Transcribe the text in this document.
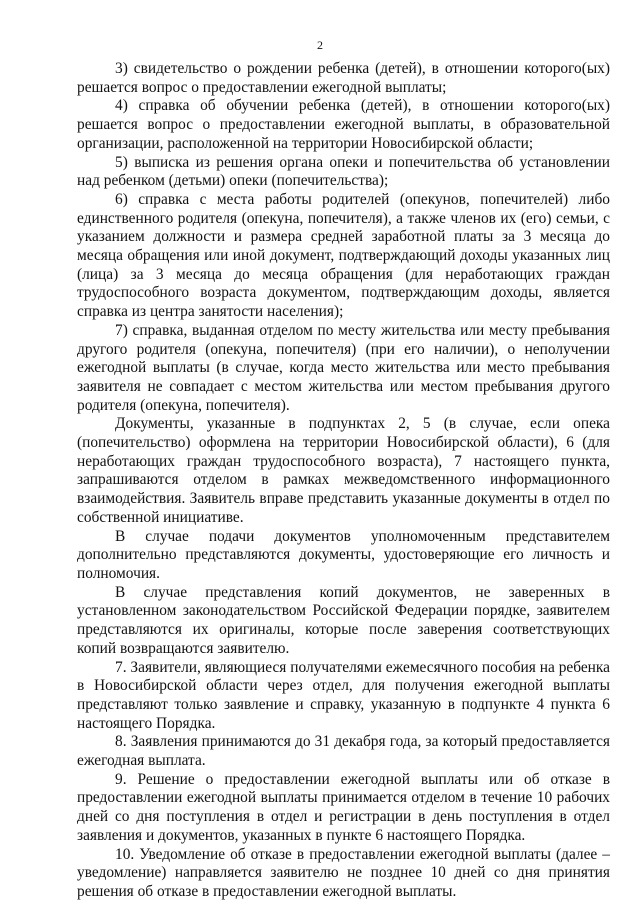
2

3) свидетельство о рождении ребенка (детей), в отношении которого(ых) решается вопрос о предоставлении ежегодной выплаты;

4) справка об обучении ребенка (детей), в отношении которого(ых) решается вопрос о предоставлении ежегодной выплаты, в образовательной организации, расположенной на территории Новосибирской области;

5) выписка из решения органа опеки и попечительства об установлении над ребенком (детьми) опеки (попечительства);

6) справка с места работы родителей (опекунов, попечителей) либо единственного родителя (опекуна, попечителя), а также членов их (его) семьи, с указанием должности и размера средней заработной платы за 3 месяца до месяца обращения или иной документ, подтверждающий доходы указанных лиц (лица) за 3 месяца до месяца обращения (для неработающих граждан трудоспособного возраста документом, подтверждающим доходы, является справка из центра занятости населения);

7) справка, выданная отделом по месту жительства или месту пребывания другого родителя (опекуна, попечителя) (при его наличии), о неполучении ежегодной выплаты (в случае, когда место жительства или место пребывания заявителя не совпадает с местом жительства или местом пребывания другого родителя (опекуна, попечителя).

Документы, указанные в подпунктах 2, 5 (в случае, если опека (попечительство) оформлена на территории Новосибирской области), 6 (для неработающих граждан трудоспособного возраста), 7 настоящего пункта, запрашиваются отделом в рамках межведомственного информационного взаимодействия. Заявитель вправе представить указанные документы в отдел по собственной инициативе.

В случае подачи документов уполномоченным представителем дополнительно представляются документы, удостоверяющие его личность и полномочия.

В случае представления копий документов, не заверенных в установленном законодательством Российской Федерации порядке, заявителем представляются их оригиналы, которые после заверения соответствующих копий возвращаются заявителю.

7. Заявители, являющиеся получателями ежемесячного пособия на ребенка в Новосибирской области через отдел, для получения ежегодной выплаты представляют только заявление и справку, указанную в подпункте 4 пункта 6 настоящего Порядка.

8. Заявления принимаются до 31 декабря года, за который предоставляется ежегодная выплата.

9. Решение о предоставлении ежегодной выплаты или об отказе в предоставлении ежегодной выплаты принимается отделом в течение 10 рабочих дней со дня поступления в отдел и регистрации в день поступления в отдел заявления и документов, указанных в пункте 6 настоящего Порядка.

10. Уведомление об отказе в предоставлении ежегодной выплаты (далее – уведомление) направляется заявителю не позднее 10 дней со дня принятия решения об отказе в предоставлении ежегодной выплаты.
